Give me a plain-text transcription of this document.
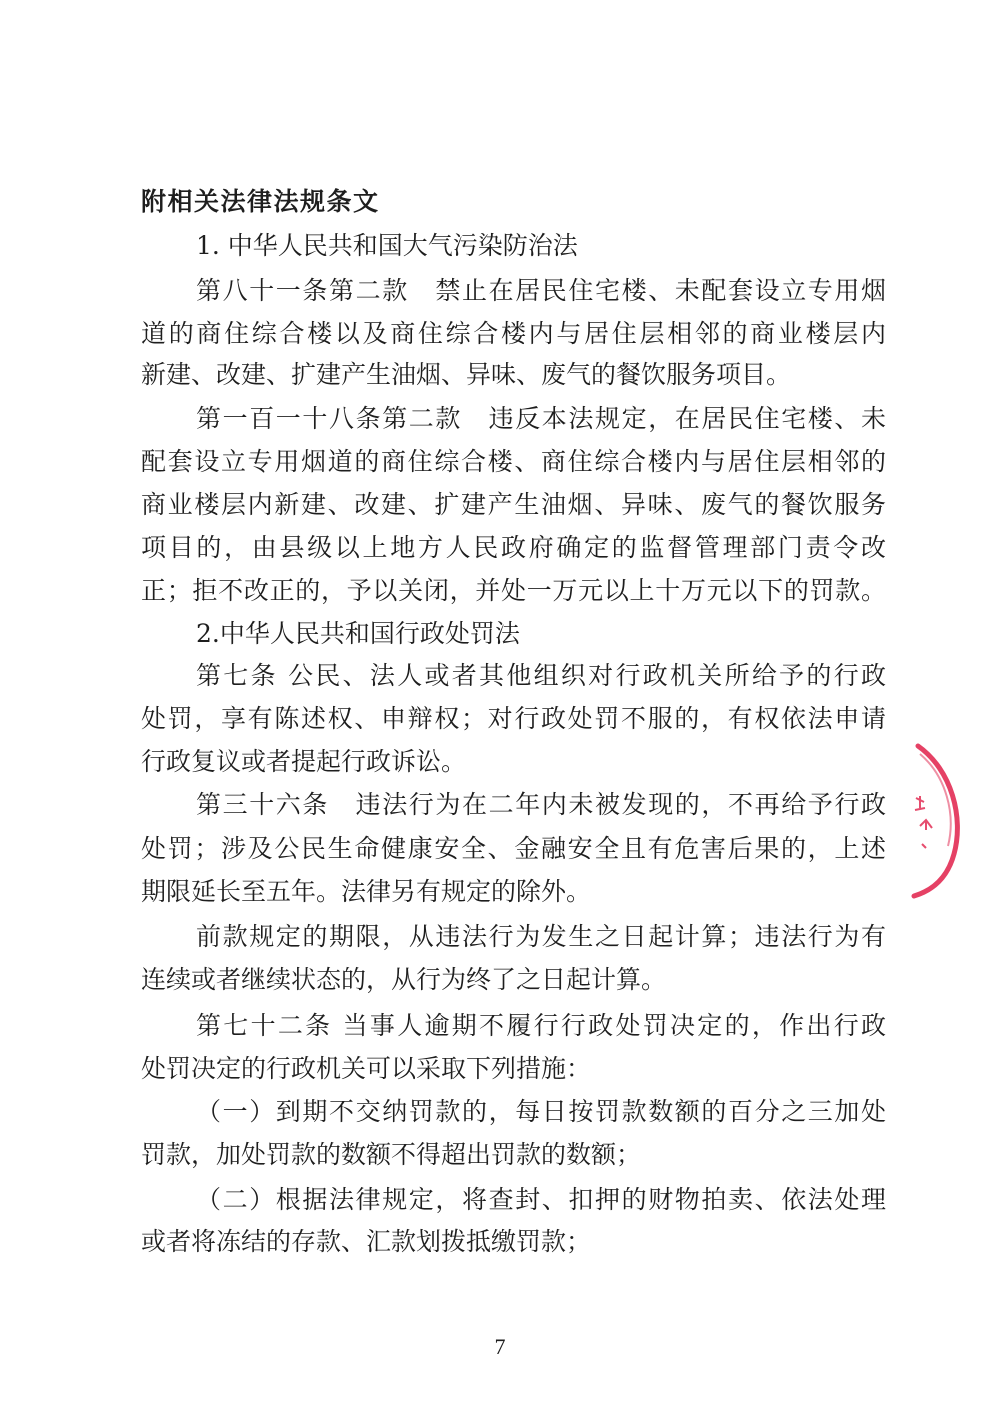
附相关法律法规条文
1. 中华人民共和国大气污染防治法
第八十一条第二款　禁止在居民住宅楼、未配套设立专用烟
道的商住综合楼以及商住综合楼内与居住层相邻的商业楼层内
新建、改建、扩建产生油烟、异味、废气的餐饮服务项目。
第一百一十八条第二款　违反本法规定，在居民住宅楼、未
配套设立专用烟道的商住综合楼、商住综合楼内与居住层相邻的
商业楼层内新建、改建、扩建产生油烟、异味、废气的餐饮服务
项目的，由县级以上地方人民政府确定的监督管理部门责令改
正；拒不改正的，予以关闭，并处一万元以上十万元以下的罚款。
2.中华人民共和国行政处罚法
第七条 公民、法人或者其他组织对行政机关所给予的行政
处罚，享有陈述权、申辩权；对行政处罚不服的，有权依法申请
行政复议或者提起行政诉讼。
第三十六条　违法行为在二年内未被发现的，不再给予行政
处罚；涉及公民生命健康安全、金融安全且有危害后果的，上述
期限延长至五年。法律另有规定的除外。
前款规定的期限，从违法行为发生之日起计算；违法行为有
连续或者继续状态的，从行为终了之日起计算。
第七十二条 当事人逾期不履行行政处罚决定的，作出行政
处罚决定的行政机关可以采取下列措施：
（一）到期不交纳罚款的，每日按罚款数额的百分之三加处
罚款，加处罚款的数额不得超出罚款的数额；
（二）根据法律规定，将查封、扣押的财物拍卖、依法处理
或者将冻结的存款、汇款划拨抵缴罚款；
7
